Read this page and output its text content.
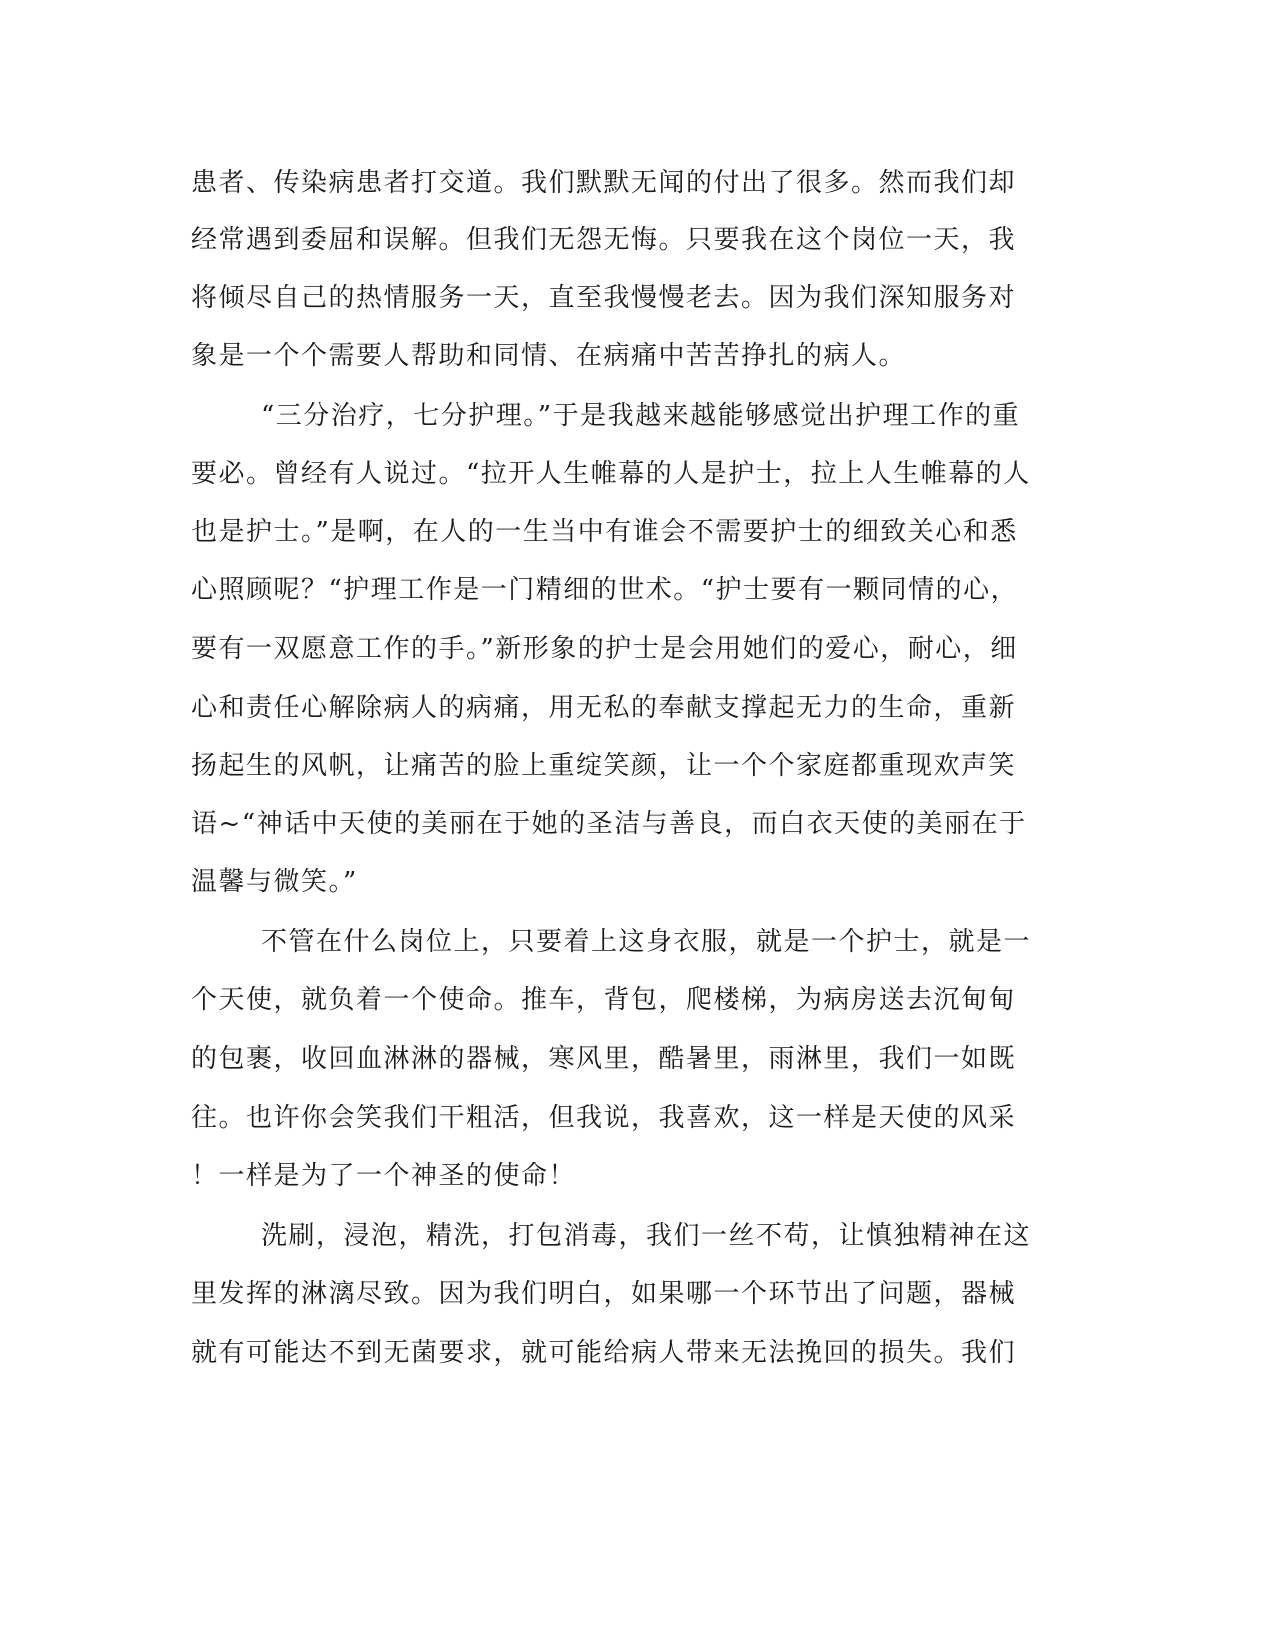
患者、传染病患者打交道。我们默默无闻的付出了很多。然而我们却
经常遇到委屈和误解。但我们无怨无悔。只要我在这个岗位一天，我
将倾尽自己的热情服务一天，直至我慢慢老去。因为我们深知服务对
象是一个个需要人帮助和同情、在病痛中苦苦挣扎的病人。
“三分治疗，七分护理。”于是我越来越能够感觉出护理工作的重
要必。曾经有人说过。“拉开人生帷幕的人是护士，拉上人生帷幕的人
也是护士。”是啊，在人的一生当中有谁会不需要护士的细致关心和悉
心照顾呢？“护理工作是一门精细的世术。“护士要有一颗同情的心，
要有一双愿意工作的手。”新形象的护士是会用她们的爱心，耐心，细
心和责任心解除病人的病痛，用无私的奉献支撑起无力的生命，重新
扬起生的风帆，让痛苦的脸上重绽笑颜，让一个个家庭都重现欢声笑
语~“神话中天使的美丽在于她的圣洁与善良，而白衣天使的美丽在于
温馨与微笑。”
不管在什么岗位上，只要着上这身衣服，就是一个护士，就是一
个天使，就负着一个使命。推车，背包，爬楼梯，为病房送去沉甸甸
的包裹，收回血淋淋的器械，寒风里，酷暑里，雨淋里，我们一如既
往。也许你会笑我们干粗活，但我说，我喜欢，这一样是天使的风采
！一样是为了一个神圣的使命！
洗刷，浸泡，精洗，打包消毒，我们一丝不苟，让慎独精神在这
里发挥的淋漓尽致。因为我们明白，如果哪一个环节出了问题，器械
就有可能达不到无菌要求，就可能给病人带来无法挽回的损失。我们
